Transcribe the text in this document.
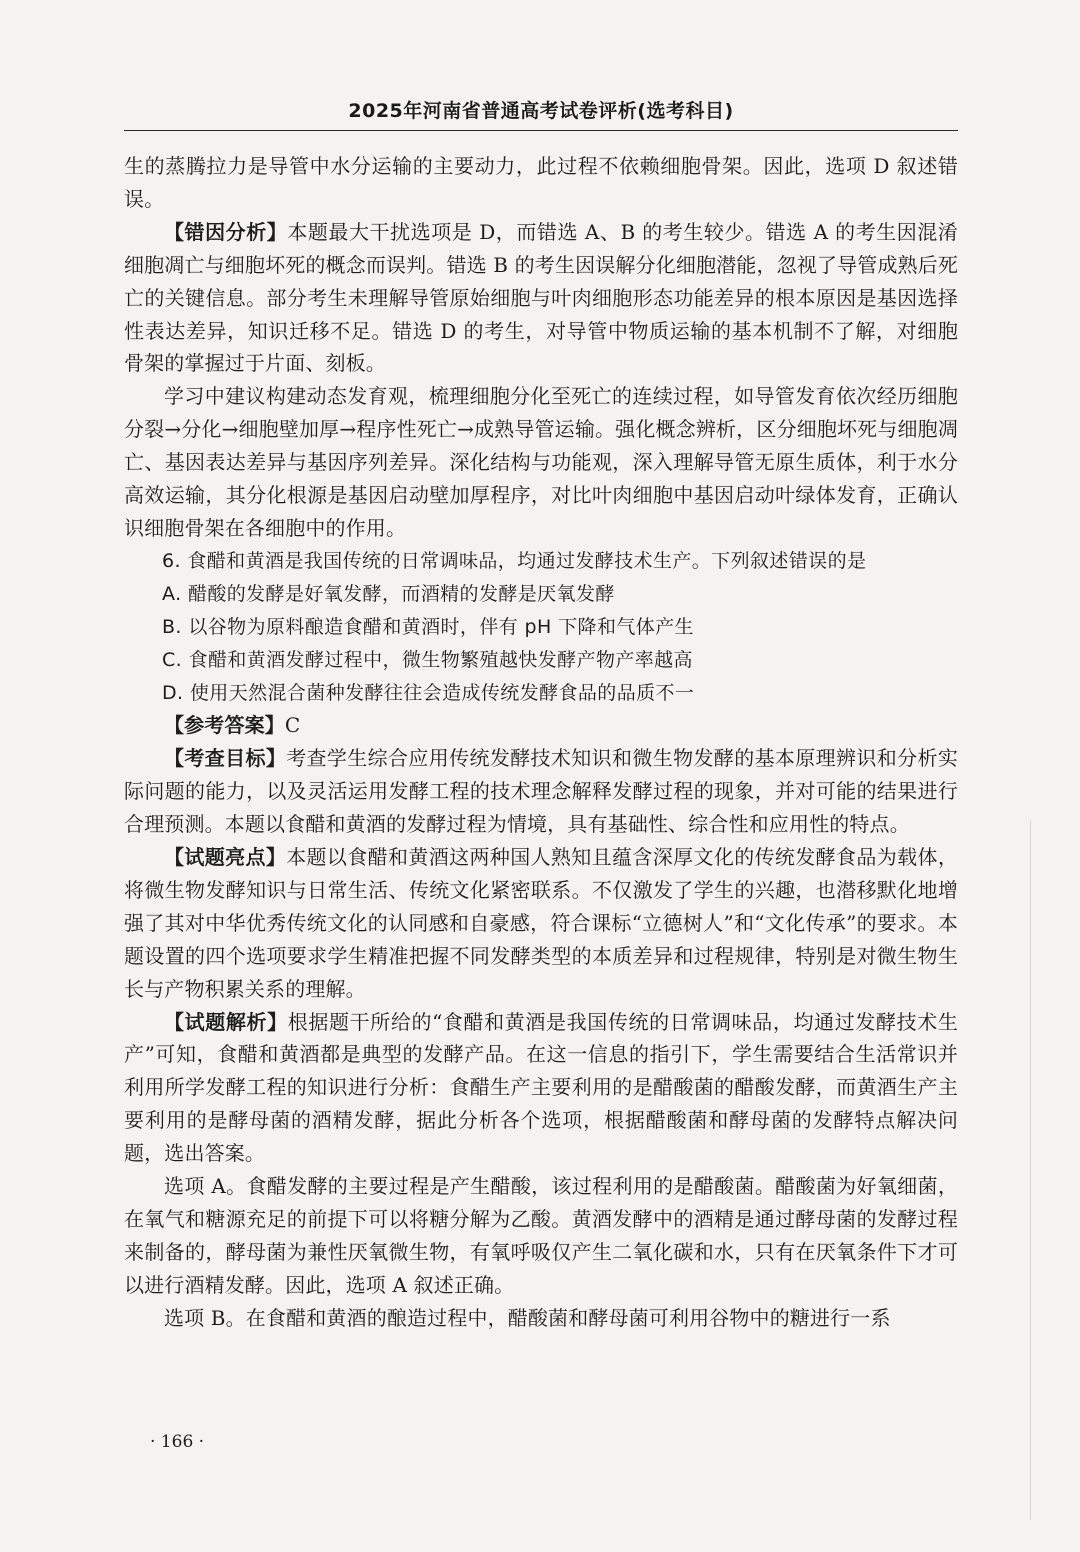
2025年河南省普通高考试卷评析(选考科目)

生的蒸腾拉力是导管中水分运输的主要动力，此过程不依赖细胞骨架。因此，选项 D 叙述错误。

【错因分析】本题最大干扰选项是 D，而错选 A、B 的考生较少。错选 A 的考生因混淆细胞凋亡与细胞坏死的概念而误判。错选 B 的考生因误解分化细胞潜能，忽视了导管成熟后死亡的关键信息。部分考生未理解导管原始细胞与叶肉细胞形态功能差异的根本原因是基因选择性表达差异，知识迁移不足。错选 D 的考生，对导管中物质运输的基本机制不了解，对细胞骨架的掌握过于片面、刻板。

学习中建议构建动态发育观，梳理细胞分化至死亡的连续过程，如导管发育依次经历细胞分裂→分化→细胞壁加厚→程序性死亡→成熟导管运输。强化概念辨析，区分细胞坏死与细胞凋亡、基因表达差异与基因序列差异。深化结构与功能观，深入理解导管无原生质体，利于水分高效运输，其分化根源是基因启动壁加厚程序，对比叶肉细胞中基因启动叶绿体发育，正确认识细胞骨架在各细胞中的作用。

6. 食醋和黄酒是我国传统的日常调味品，均通过发酵技术生产。下列叙述错误的是

A. 醋酸的发酵是好氧发酵，而酒精的发酵是厌氧发酵

B. 以谷物为原料酿造食醋和黄酒时，伴有 pH 下降和气体产生

C. 食醋和黄酒发酵过程中，微生物繁殖越快发酵产物产率越高

D. 使用天然混合菌种发酵往往会造成传统发酵食品的品质不一

【参考答案】C

【考查目标】考查学生综合应用传统发酵技术知识和微生物发酵的基本原理辨识和分析实际问题的能力，以及灵活运用发酵工程的技术理念解释发酵过程的现象，并对可能的结果进行合理预测。本题以食醋和黄酒的发酵过程为情境，具有基础性、综合性和应用性的特点。

【试题亮点】本题以食醋和黄酒这两种国人熟知且蕴含深厚文化的传统发酵食品为载体，将微生物发酵知识与日常生活、传统文化紧密联系。不仅激发了学生的兴趣，也潜移默化地增强了其对中华优秀传统文化的认同感和自豪感，符合课标“立德树人”和“文化传承”的要求。本题设置的四个选项要求学生精准把握不同发酵类型的本质差异和过程规律，特别是对微生物生长与产物积累关系的理解。

【试题解析】根据题干所给的“食醋和黄酒是我国传统的日常调味品，均通过发酵技术生产”可知，食醋和黄酒都是典型的发酵产品。在这一信息的指引下，学生需要结合生活常识并利用所学发酵工程的知识进行分析：食醋生产主要利用的是醋酸菌的醋酸发酵，而黄酒生产主要利用的是酵母菌的酒精发酵，据此分析各个选项，根据醋酸菌和酵母菌的发酵特点解决问题，选出答案。

选项 A。食醋发酵的主要过程是产生醋酸，该过程利用的是醋酸菌。醋酸菌为好氧细菌，在氧气和糖源充足的前提下可以将糖分解为乙酸。黄酒发酵中的酒精是通过酵母菌的发酵过程来制备的，酵母菌为兼性厌氧微生物，有氧呼吸仅产生二氧化碳和水，只有在厌氧条件下才可以进行酒精发酵。因此，选项 A 叙述正确。

选项 B。在食醋和黄酒的酿造过程中，醋酸菌和酵母菌可利用谷物中的糖进行一系

· 166 ·
